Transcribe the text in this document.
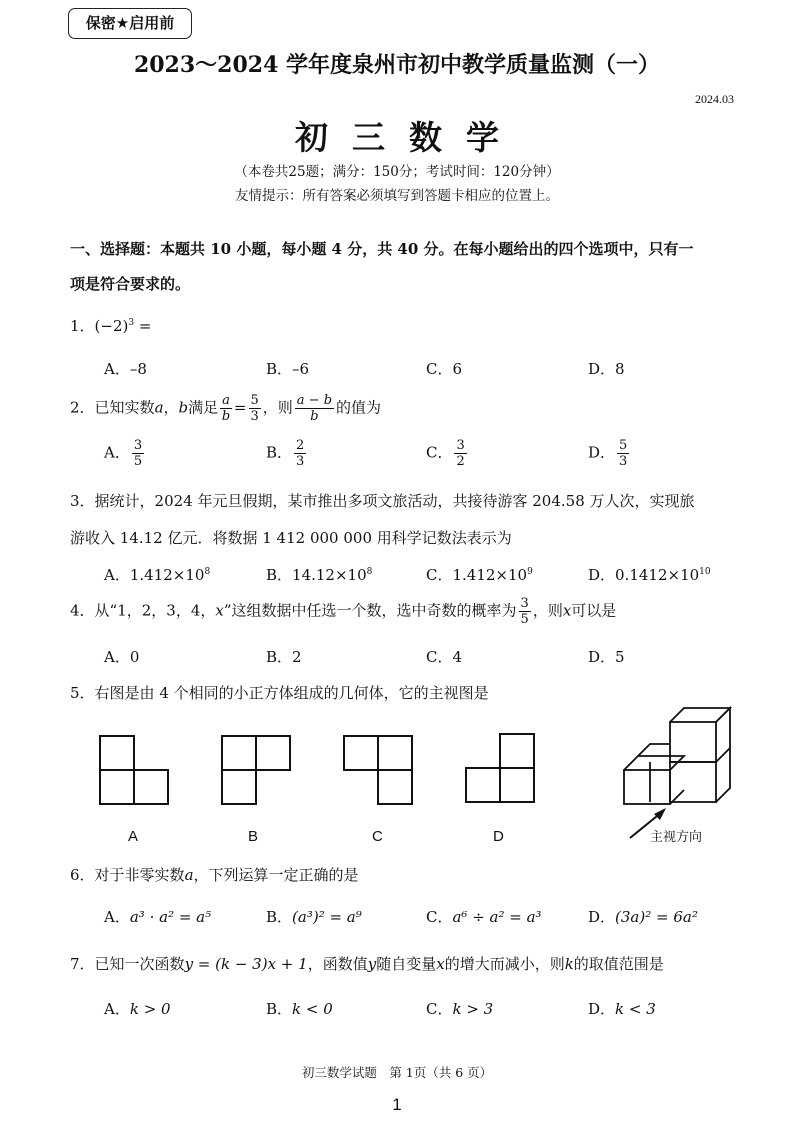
保密★启用前
2023～2024 学年度泉州市初中教学质量监测（一）
2024.03
初三数学
（本卷共25题；满分：150分；考试时间：120分钟）
友情提示：所有答案必须填写到答题卡相应的位置上。
一、选择题：本题共 10 小题，每小题 4 分，共 40 分。在每小题给出的四个选项中，只有一
项是符合要求的。
1．$(-2)^3$ =
A．–8	B．–6	C．6	D．8
2．已知实数a，b满足 $\frac{a}{b} = \frac{5}{3}$ ，则 $\frac{a - b}{b}$ 的值为
A． $\frac{3}{5}$	B． $\frac{2}{3}$	C． $\frac{3}{2}$	D． $\frac{5}{3}$
3．据统计，2024 年元旦假期，某市推出多项文旅活动，共接待游客 204.58 万人次，实现旅
游收入 14.12 亿元．将数据 1 412 000 000 用科学记数法表示为
A．$1.412\times 10^8$	B．$14.12\times 10^8$	C．$1.412\times 10^9$	D．$0.1412\times 10^{10}$
4．从“1，2，3，4，x”这组数据中任选一个数，选中奇数的概率为 $\frac{3}{5}$ ，则x可以是
A．0	B．2	C．4	D．5
5．右图是由 4 个相同的小正方体组成的几何体，它的主视图是
A	B	C	D	主视方向
6．对于非零实数a，下列运算一定正确的是
A．a³ · a² = a⁵	B．(a³)² = a⁹	C．a⁶ ÷ a² = a³	D．(3a)² = 6a²
7．已知一次函数y = (k − 3)x + 1，函数值y随自变量x的增大而减小，则k的取值范围是
A．k > 0	B．k < 0	C．k > 3	D．k < 3
初三数学试题　第 1页（共 6 页）
1
